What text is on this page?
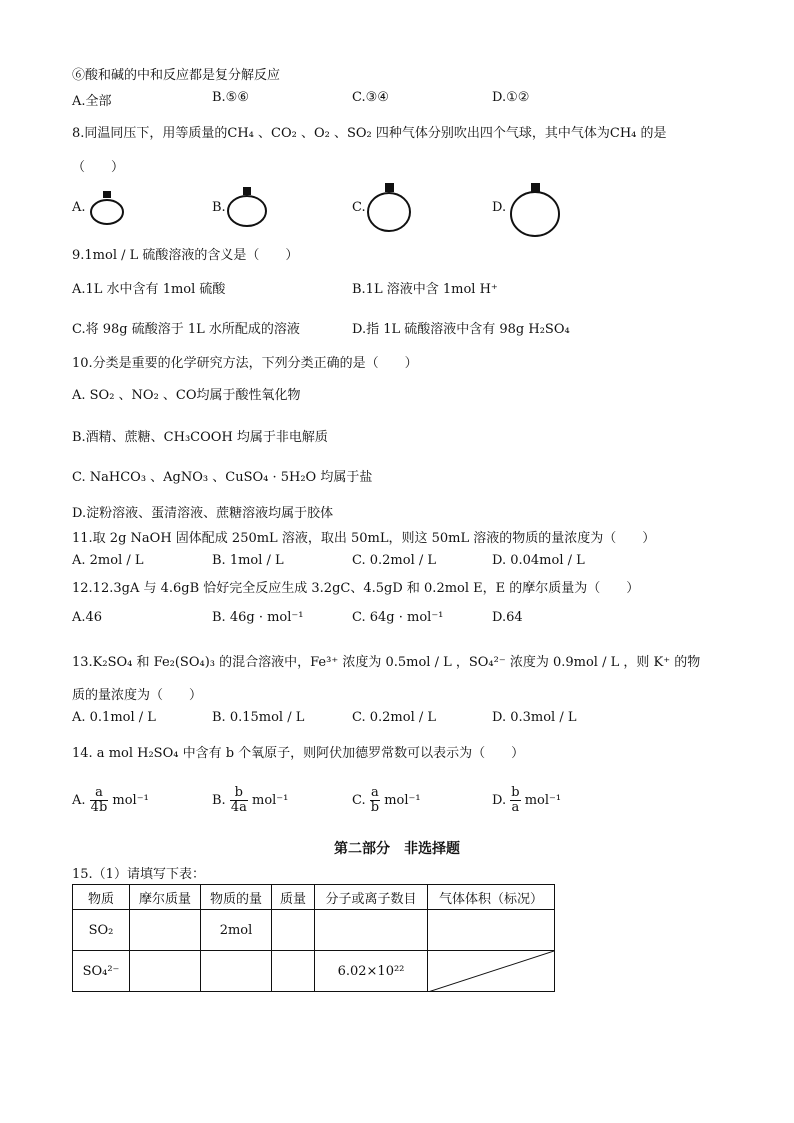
⑥酸和碱的中和反应都是复分解反应
A.全部	B.⑤⑥	C.③④	D.①②
8.同温同压下，用等质量的CH₄ 、CO₂ 、O₂ 、SO₂ 四种气体分别吹出四个气球，其中气体为CH₄ 的是
（　　）
A.	B.	C.	D.
9.1mol / L 硫酸溶液的含义是（　　）
A.1L 水中含有 1mol 硫酸	B.1L 溶液中含 1mol H⁺
C.将 98g 硫酸溶于 1L 水所配成的溶液	D.指 1L 硫酸溶液中含有 98g H₂SO₄
10.分类是重要的化学研究方法，下列分类正确的是（　　）
A. SO₂ 、NO₂ 、CO均属于酸性氧化物
B.酒精、蔗糖、CH₃COOH 均属于非电解质
C. NaHCO₃ 、AgNO₃ 、CuSO₄ · 5H₂O 均属于盐
D.淀粉溶液、蛋清溶液、蔗糖溶液均属于胶体
11.取 2g NaOH 固体配成 250mL 溶液，取出 50mL，则这 50mL 溶液的物质的量浓度为（　　）
A. 2mol / L	B. 1mol / L	C. 0.2mol / L	D. 0.04mol / L
12.12.3gA 与 4.6gB 恰好完全反应生成 3.2gC、4.5gD 和 0.2mol E，E 的摩尔质量为（　　）
A.46	B. 46g · mol⁻¹	C. 64g · mol⁻¹	D.64
13.K₂SO₄ 和 Fe₂(SO₄)₃ 的混合溶液中，Fe³⁺ 浓度为 0.5mol / L ，SO₄²⁻ 浓度为 0.9mol / L ，则 K⁺ 的物
质的量浓度为（　　）
A. 0.1mol / L	B. 0.15mol / L	C. 0.2mol / L	D. 0.3mol / L
14. a mol H₂SO₄ 中含有 b 个氧原子，则阿伏加德罗常数可以表示为（　　）
A. $\frac{a}{4b} mol^{-1}$	B. $\frac{b}{4a} mol^{-1}$	C. $\frac{a}{b} mol^{-1}$	D. $\frac{b}{a} mol^{-1}$
第二部分　非选择题
15.（1）请填写下表：
物质	摩尔质量	物质的量	质量	分子或离子数目	气体体积（标况）
SO₂		2mol			
SO₄²⁻				6.02×10²²	
